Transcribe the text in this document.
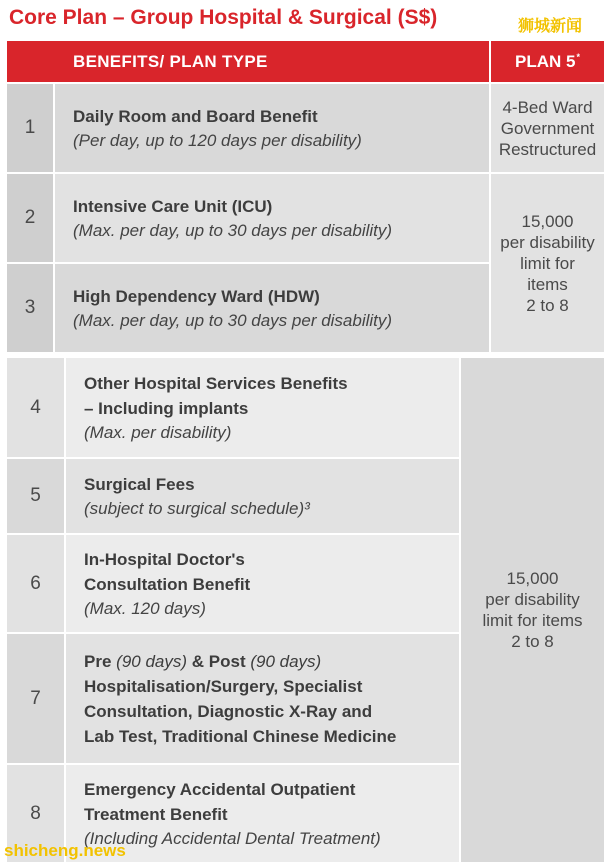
Core Plan – Group Hospital & Surgical (S$)	狮城新闻
BENEFITS/ PLAN TYPE	PLAN 5*
1
Daily Room and Board Benefit
(Per day, up to 120 days per disability)
4-Bed Ward
Government
Restructured
2
Intensive Care Unit (ICU)
(Max. per day, up to 30 days per disability)
3
High Dependency Ward (HDW)
(Max. per day, up to 30 days per disability)
15,000
per disability
limit for
items
2 to 8
4
Other Hospital Services Benefits
– Including implants
(Max. per disability)
5
Surgical Fees
(subject to surgical schedule)³
6
In-Hospital Doctor's
Consultation Benefit
(Max. 120 days)
7
Pre (90 days) & Post (90 days)
Hospitalisation/Surgery, Specialist
Consultation, Diagnostic X-Ray and
Lab Test, Traditional Chinese Medicine
8
Emergency Accidental Outpatient
Treatment Benefit
(Including Accidental Dental Treatment)
15,000
per disability
limit for items
2 to 8
shicheng.news
